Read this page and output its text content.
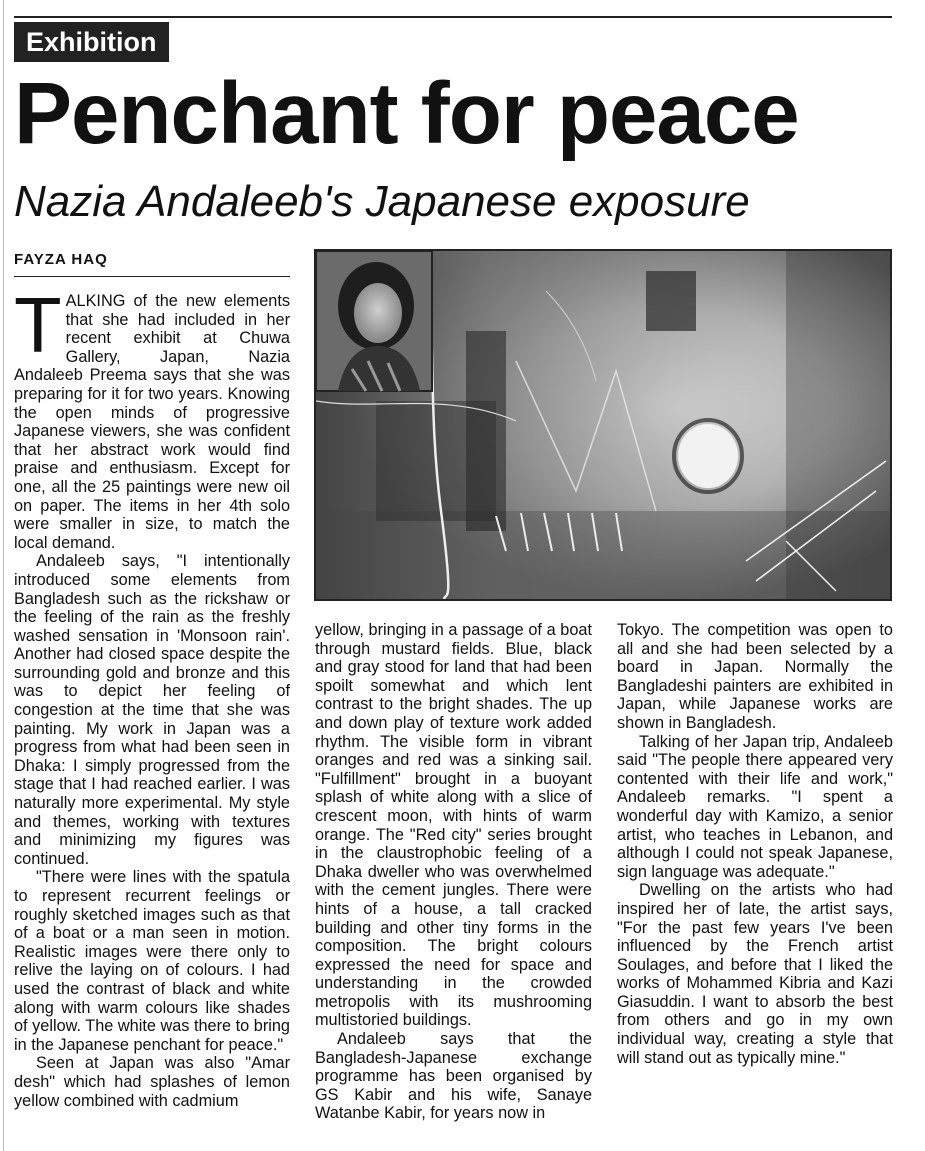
Exhibition
Penchant for peace
Nazia Andaleeb's Japanese exposure
FAYZA HAQ

TALKING of the new elements that she had included in her recent exhibit at Chuwa Gallery, Japan, Nazia Andaleeb Preema says that she was preparing for it for two years. Knowing the open minds of progressive Japanese viewers, she was confident that her abstract work would find praise and enthusiasm. Except for one, all the 25 paintings were new oil on paper. The items in her 4th solo were smaller in size, to match the local demand.

Andaleeb says, "I intentionally introduced some elements from Bangladesh such as the rickshaw or the feeling of the rain as the freshly washed sensation in 'Monsoon rain'. Another had closed space despite the surrounding gold and bronze and this was to depict her feeling of congestion at the time that she was painting. My work in Japan was a progress from what had been seen in Dhaka: I simply progressed from the stage that I had reached earlier. I was naturally more experimental. My style and themes, working with textures and minimizing my figures was continued.

"There were lines with the spatula to represent recurrent feelings or roughly sketched images such as that of a boat or a man seen in motion. Realistic images were there only to relive the laying on of colours. I had used the contrast of black and white along with warm colours like shades of yellow. The white was there to bring in the Japanese penchant for peace."

Seen at Japan was also "Amar desh" which had splashes of lemon yellow combined with cadmium

yellow, bringing in a passage of a boat through mustard fields. Blue, black and gray stood for land that had been spoilt somewhat and which lent contrast to the bright shades. The up and down play of texture work added rhythm. The visible form in vibrant oranges and red was a sinking sail. "Fulfillment" brought in a buoyant splash of white along with a slice of crescent moon, with hints of warm orange. The "Red city" series brought in the claustrophobic feeling of a Dhaka dweller who was overwhelmed with the cement jungles. There were hints of a house, a tall cracked building and other tiny forms in the composition. The bright colours expressed the need for space and understanding in the crowded metropolis with its mushrooming multistoried buildings.

Andaleeb says that the Bangladesh-Japanese exchange programme has been organised by GS Kabir and his wife, Sanaye Watanbe Kabir, for years now in

Tokyo. The competition was open to all and she had been selected by a board in Japan. Normally the Bangladeshi painters are exhibited in Japan, while Japanese works are shown in Bangladesh.

Talking of her Japan trip, Andaleeb said "The people there appeared very contented with their life and work," Andaleeb remarks. "I spent a wonderful day with Kamizo, a senior artist, who teaches in Lebanon, and although I could not speak Japanese, sign language was adequate."

Dwelling on the artists who had inspired her of late, the artist says, "For the past few years I've been influenced by the French artist Soulages, and before that I liked the works of Mohammed Kibria and Kazi Giasuddin. I want to absorb the best from others and go in my own individual way, creating a style that will stand out as typically mine."
